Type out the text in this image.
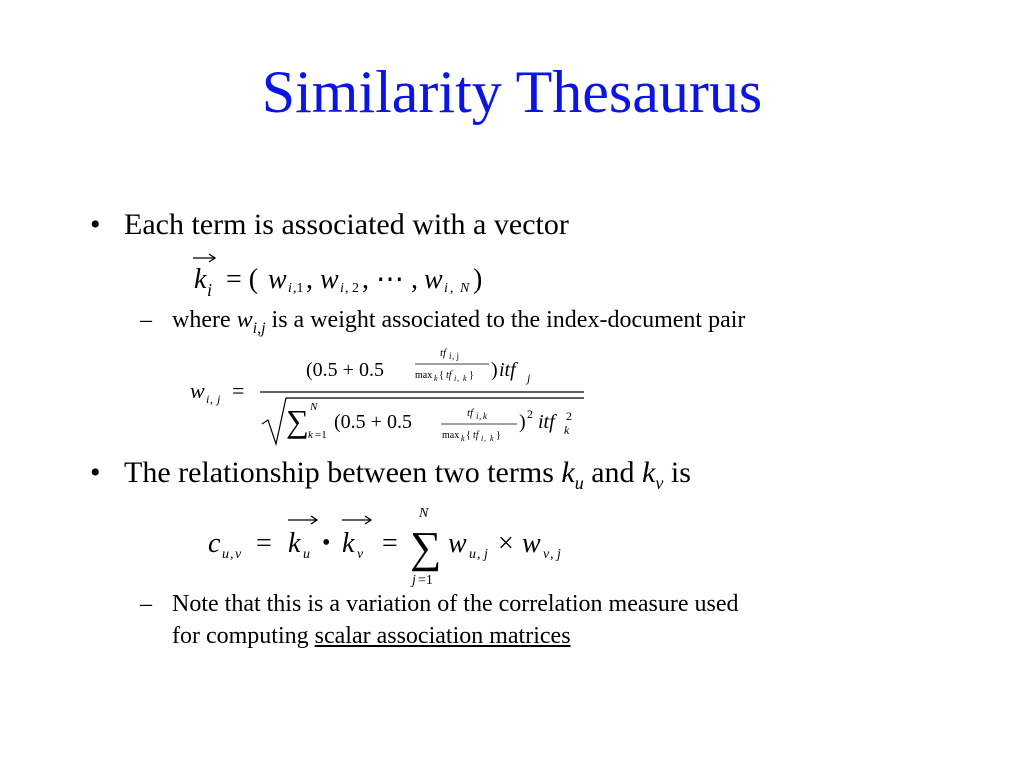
Similarity Thesaurus
• Each term is associated with a vector
k i = ( w i ,1 , w i , 2 , ⋯ , w i , N )
– where $w_{i,j}$ is a weight associated to the index-document pair
w i , j =
(0.5 + 0.5
tf i , j
max k { tf i , k } ) itf j
∑ N
k =1
(0.5 + 0.5	tf i , k
max k { tf i , k }
) 2 itf 2
k
• The relationship between two terms $k_u$ and $k_v$ is
c u , v = k u • k v = ∑
N
j =1
w u , j × w v , j
– Note that this is a variation of the correlation measure used
for computing scalar association matrices
